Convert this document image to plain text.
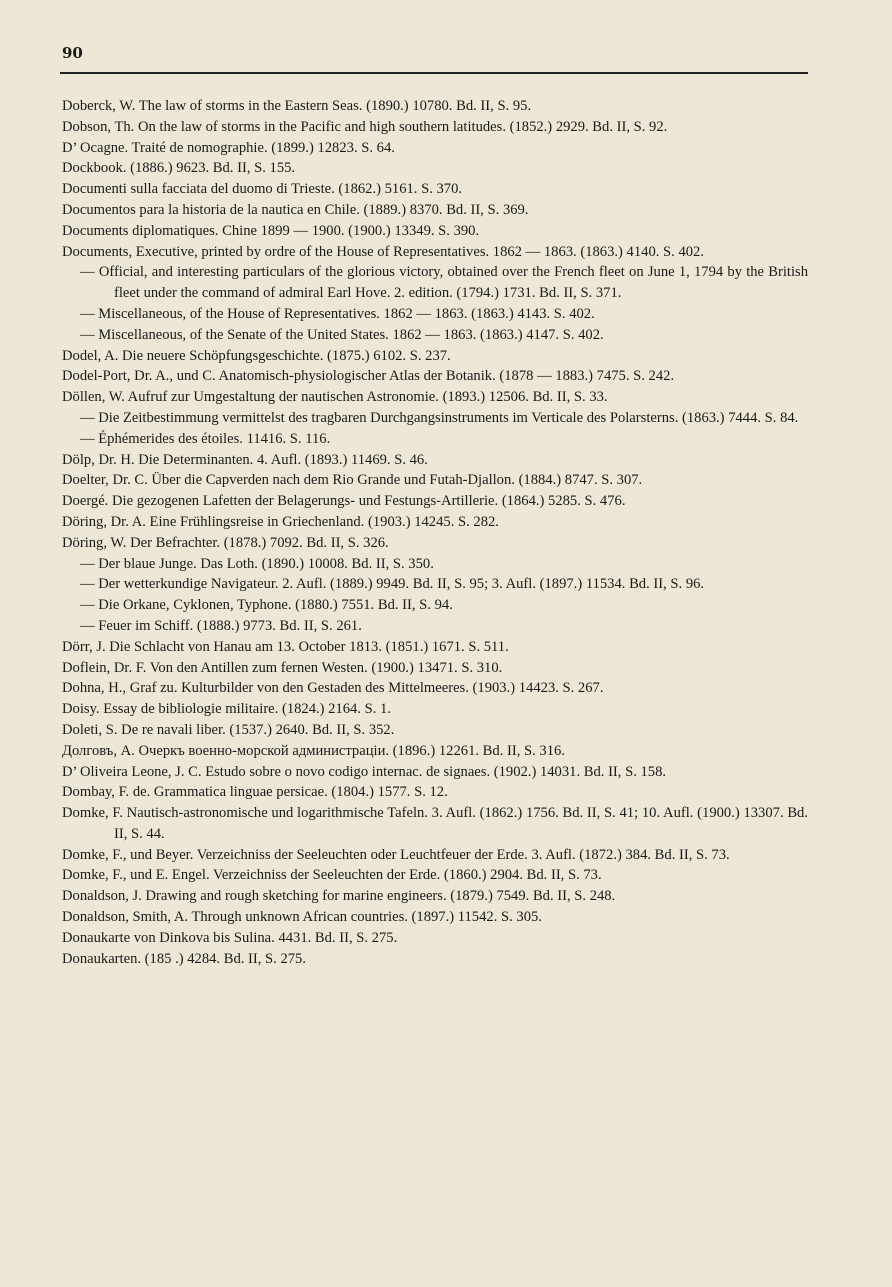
90

Doberck, W. The law of storms in the Eastern Seas. (1890.) 10780. Bd. II, S. 95.

Dobson, Th. On the law of storms in the Pacific and high southern latitudes. (1852.) 2929. Bd. II, S. 92.

D’ Ocagne. Traité de nomographie. (1899.) 12823. S. 64.

Dockbook. (1886.) 9623. Bd. II, S. 155.

Documenti sulla facciata del duomo di Trieste. (1862.) 5161. S. 370.

Documentos para la historia de la nautica en Chile. (1889.) 8370. Bd. II, S. 369.

Documents diplomatiques. Chine 1899 — 1900. (1900.) 13349. S. 390.

Documents, Executive, printed by ordre of the House of Representatives. 1862 — 1863. (1863.) 4140. S. 402.

— Official, and interesting particulars of the glorious victory, obtained over the French fleet on June 1, 1794 by the British fleet under the command of admiral Earl Hove. 2. edition. (1794.) 1731. Bd. II, S. 371.

— Miscellaneous, of the House of Representatives. 1862 — 1863. (1863.) 4143. S. 402.

— Miscellaneous, of the Senate of the United States. 1862 — 1863. (1863.) 4147. S. 402.

Dodel, A. Die neuere Schöpfungsgeschichte. (1875.) 6102. S. 237.

Dodel-Port, Dr. A., und C. Anatomisch-physiologischer Atlas der Botanik. (1878 — 1883.) 7475. S. 242.

Döllen, W. Aufruf zur Umgestaltung der nautischen Astronomie. (1893.) 12506. Bd. II, S. 33.

— Die Zeitbestimmung vermittelst des tragbaren Durchgangsinstruments im Verticale des Polarsterns. (1863.) 7444. S. 84.

— Éphémerides des étoiles. 11416. S. 116.

Dölp, Dr. H. Die Determinanten. 4. Aufl. (1893.) 11469. S. 46.

Doelter, Dr. C. Über die Capverden nach dem Rio Grande und Futah-Djallon. (1884.) 8747. S. 307.

Doergé. Die gezogenen Lafetten der Belagerungs- und Festungs-Artillerie. (1864.) 5285. S. 476.

Döring, Dr. A. Eine Frühlingsreise in Griechenland. (1903.) 14245. S. 282.

Döring, W. Der Befrachter. (1878.) 7092. Bd. II, S. 326.

— Der blaue Junge. Das Loth. (1890.) 10008. Bd. II, S. 350.

— Der wetterkundige Navigateur. 2. Aufl. (1889.) 9949. Bd. II, S. 95; 3. Aufl. (1897.) 11534. Bd. II, S. 96.

— Die Orkane, Cyklonen, Typhone. (1880.) 7551. Bd. II, S. 94.

— Feuer im Schiff. (1888.) 9773. Bd. II, S. 261.

Dörr, J. Die Schlacht von Hanau am 13. October 1813. (1851.) 1671. S. 511.

Doflein, Dr. F. Von den Antillen zum fernen Westen. (1900.) 13471. S. 310.

Dohna, H., Graf zu. Kulturbilder von den Gestaden des Mittelmeeres. (1903.) 14423. S. 267.

Doisy. Essay de bibliologie militaire. (1824.) 2164. S. 1.

Doleti, S. De re navali liber. (1537.) 2640. Bd. II, S. 352.

Долговъ, А. Очеркъ военно-морской администраціи. (1896.) 12261. Bd. II, S. 316.

D’ Oliveira Leone, J. C. Estudo sobre o novo codigo internac. de signaes. (1902.) 14031. Bd. II, S. 158.

Dombay, F. de. Grammatica linguae persicae. (1804.) 1577. S. 12.

Domke, F. Nautisch-astronomische und logarithmische Tafeln. 3. Aufl. (1862.) 1756. Bd. II, S. 41; 10. Aufl. (1900.) 13307. Bd. II, S. 44.

Domke, F., und Beyer. Verzeichniss der Seeleuchten oder Leuchtfeuer der Erde. 3. Aufl. (1872.) 384. Bd. II, S. 73.

Domke, F., und E. Engel. Verzeichniss der Seeleuchten der Erde. (1860.) 2904. Bd. II, S. 73.

Donaldson, J. Drawing and rough sketching for marine engineers. (1879.) 7549. Bd. II, S. 248.

Donaldson, Smith, A. Through unknown African countries. (1897.) 11542. S. 305.

Donaukarte von Dinkova bis Sulina. 4431. Bd. II, S. 275.

Donaukarten. (185 .) 4284. Bd. II, S. 275.
